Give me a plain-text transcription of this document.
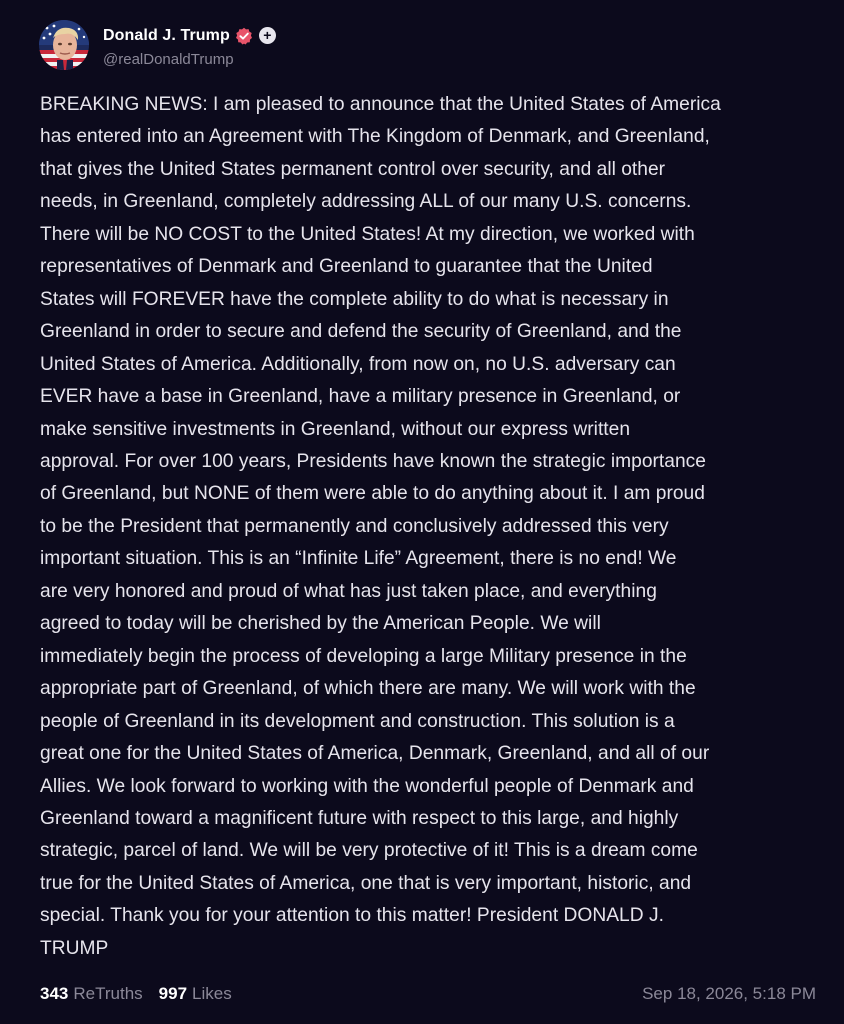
Donald J. Trump	+
@realDonaldTrump
BREAKING NEWS: I am pleased to announce that the United States of America
has entered into an Agreement with The Kingdom of Denmark, and Greenland,
that gives the United States permanent control over security, and all other
needs, in Greenland, completely addressing ALL of our many U.S. concerns.
There will be NO COST to the United States! At my direction, we worked with
representatives of Denmark and Greenland to guarantee that the United
States will FOREVER have the complete ability to do what is necessary in
Greenland in order to secure and defend the security of Greenland, and the
United States of America. Additionally, from now on, no U.S. adversary can
EVER have a base in Greenland, have a military presence in Greenland, or
make sensitive investments in Greenland, without our express written
approval. For over 100 years, Presidents have known the strategic importance
of Greenland, but NONE of them were able to do anything about it. I am proud
to be the President that permanently and conclusively addressed this very
important situation. This is an “Infinite Life” Agreement, there is no end! We
are very honored and proud of what has just taken place, and everything
agreed to today will be cherished by the American People. We will
immediately begin the process of developing a large Military presence in the
appropriate part of Greenland, of which there are many. We will work with the
people of Greenland in its development and construction. This solution is a
great one for the United States of America, Denmark, Greenland, and all of our
Allies. We look forward to working with the wonderful people of Denmark and
Greenland toward a magnificent future with respect to this large, and highly
strategic, parcel of land. We will be very protective of it! This is a dream come
true for the United States of America, one that is very important, historic, and
special. Thank you for your attention to this matter! President DONALD J.
TRUMP
343 ReTruths 997 Likes	Sep 18, 2026, 5:18 PM
